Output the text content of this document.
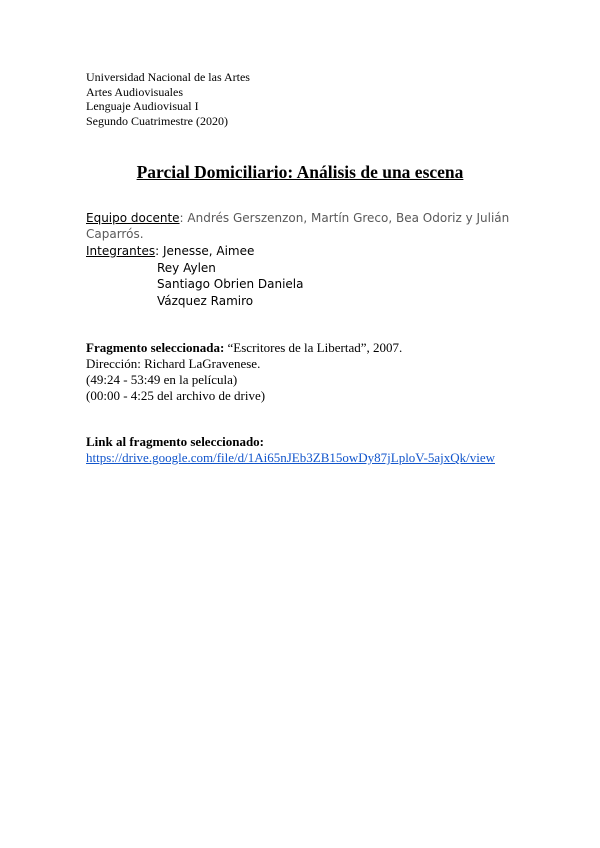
Universidad Nacional de las Artes
Artes Audiovisuales
Lenguaje Audiovisual I
Segundo Cuatrimestre (2020)
Parcial Domiciliario: Análisis de una escena
Equipo docente: Andrés Gerszenzon, Martín Greco, Bea Odoriz y Julián Caparrós.
Integrantes: Jenesse, Aimee
Rey Aylen
Santiago Obrien Daniela
Vázquez Ramiro
Fragmento seleccionada: “Escritores de la Libertad”, 2007.
Dirección: Richard LaGravenese.
(49:24 - 53:49 en la película)
(00:00 - 4:25 del archivo de drive)
Link al fragmento seleccionado:
https://drive.google.com/file/d/1Ai65nJEb3ZB15owDy87jLploV-5ajxQk/view
